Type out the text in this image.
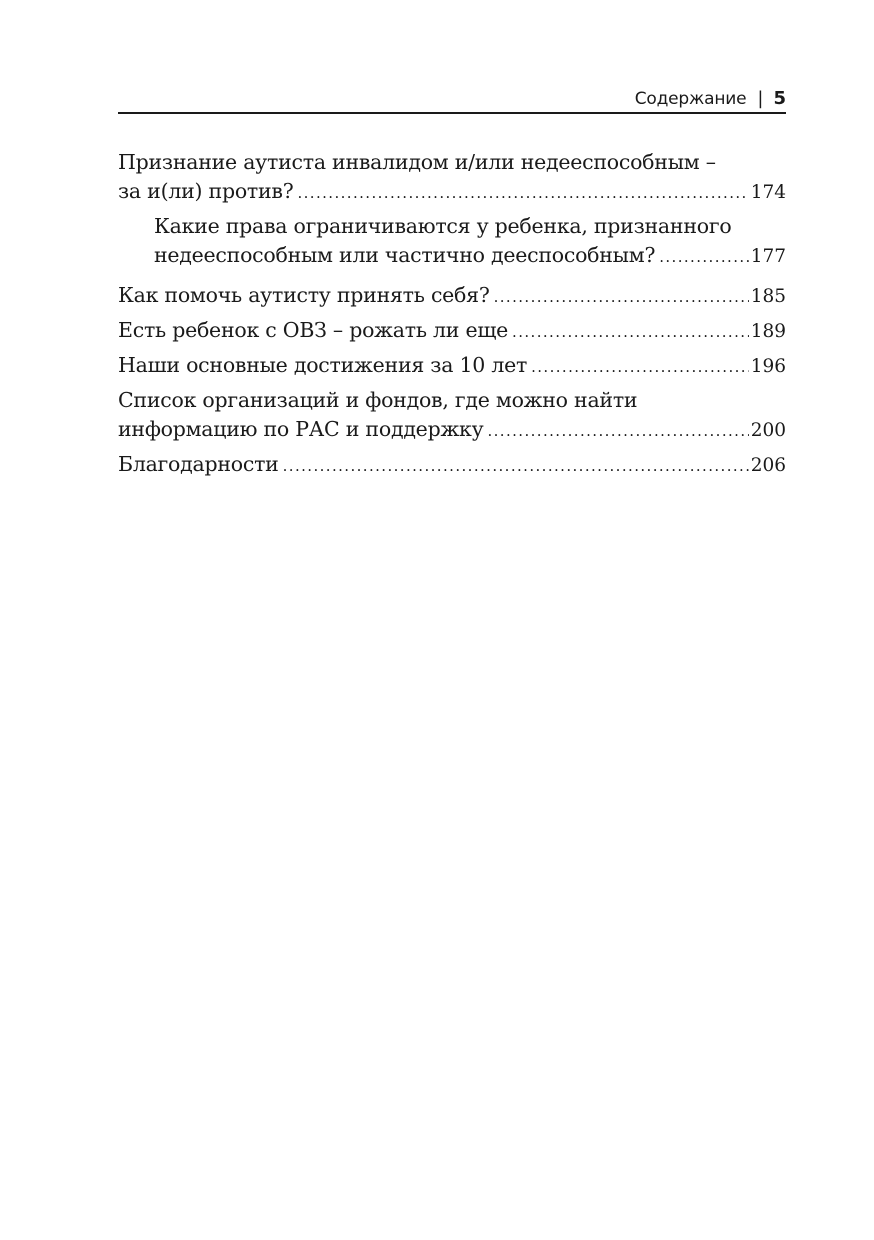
Содержание | 5
Признание аутиста инвалидом и/или недееспособным –
за и(ли) против? .....	174
Какие права ограничиваются у ребенка, признанного
недееспособным или частично дееспособным? .....	177
Как помочь аутисту принять себя? .....	185
Есть ребенок с ОВЗ – рожать ли еще .....	189
Наши основные достижения за 10 лет .....	196
Список организаций и фондов, где можно найти
информацию по РАС и поддержку .....	200
Благодарности .....	206
